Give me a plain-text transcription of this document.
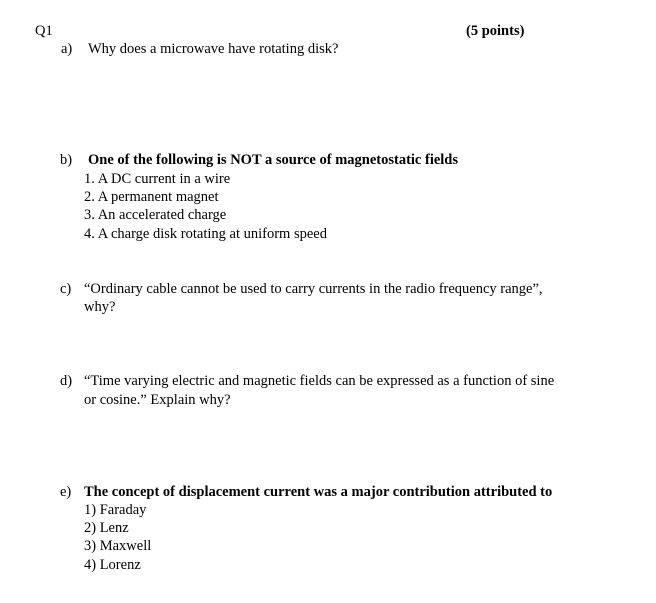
Q1	(5 points)
a) Why does a microwave have rotating disk?
b) One of the following is NOT a source of magnetostatic fields
1. A DC current in a wire
2. A permanent magnet
3. An accelerated charge
4. A charge disk rotating at uniform speed
c) “Ordinary cable cannot be used to carry currents in the radio frequency range”,
why?
d) “Time varying electric and magnetic fields can be expressed as a function of sine
or cosine.” Explain why?
e) The concept of displacement current was a major contribution attributed to
1) Faraday
2) Lenz
3) Maxwell
4) Lorenz
